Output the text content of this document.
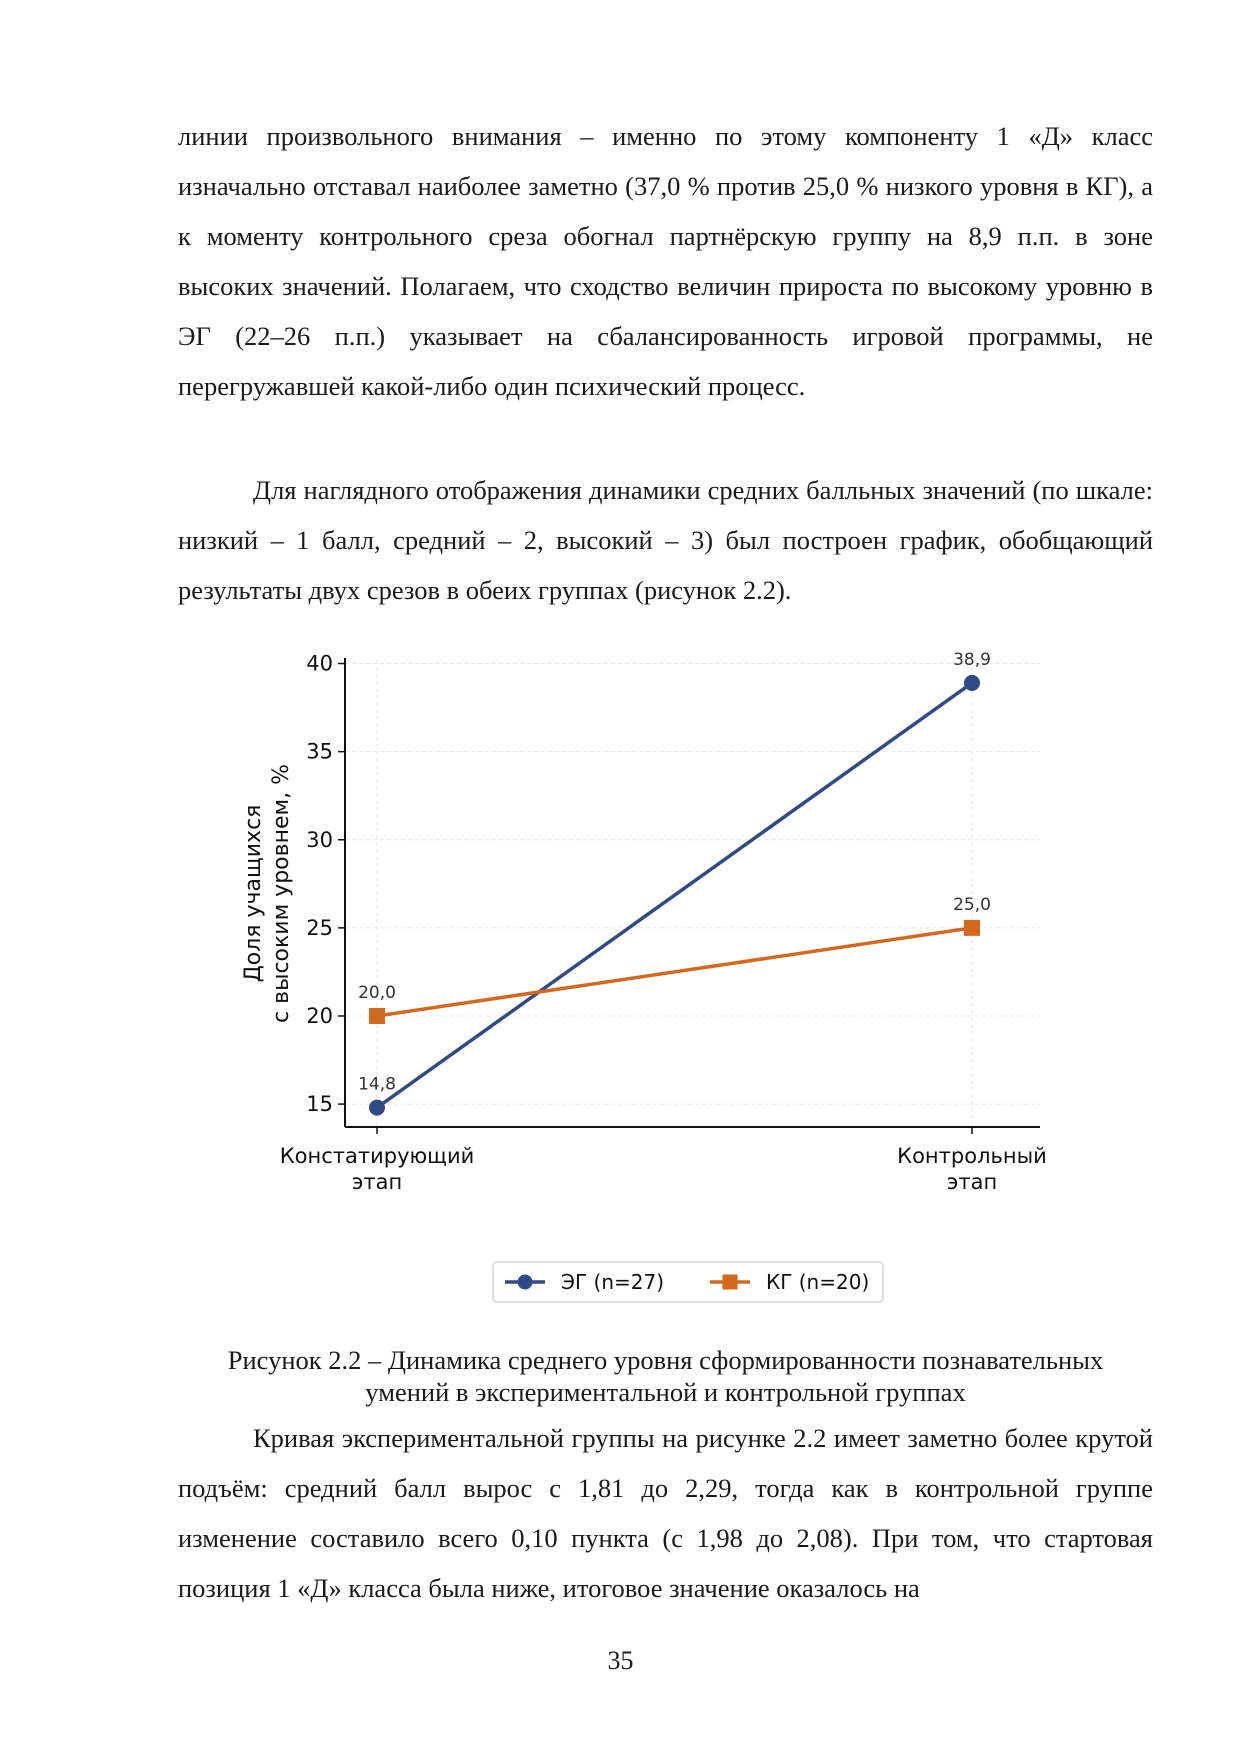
линии произвольного внимания – именно по этому компоненту 1 «Д» класс изначально отставал наиболее заметно (37,0 % против 25,0 % низкого уровня в КГ), а к моменту контрольного среза обогнал партнёрскую группу на 8,9 п.п. в зоне высоких значений. Полагаем, что сходство величин прироста по высокому уровню в ЭГ (22–26 п.п.) указывает на сбалансированность игровой программы, не перегружавшей какой-либо один психический процесс.

Для наглядного отображения динамики средних балльных значений (по шкале: низкий – 1 балл, средний – 2, высокий – 3) был построен график, обобщающий результаты двух срезов в обеих группах (рисунок 2.2).

15
20
25
30
35
40
Констатирующий
этап
Контрольный
этап
Доля учащихся с высоким уровнем, %
14,8
38,9
20,0
25,0
ЭГ (n=27)	КГ (n=20)
Рисунок 2.2 – Динамика среднего уровня сформированности познавательных
умений в экспериментальной и контрольной группах

Кривая экспериментальной группы на рисунке 2.2 имеет заметно более крутой подъём: средний балл вырос с 1,81 до 2,29, тогда как в контрольной группе изменение составило всего 0,10 пункта (с 1,98 до 2,08). При том, что стартовая позиция 1 «Д» класса была ниже, итоговое значение оказалось на

35
